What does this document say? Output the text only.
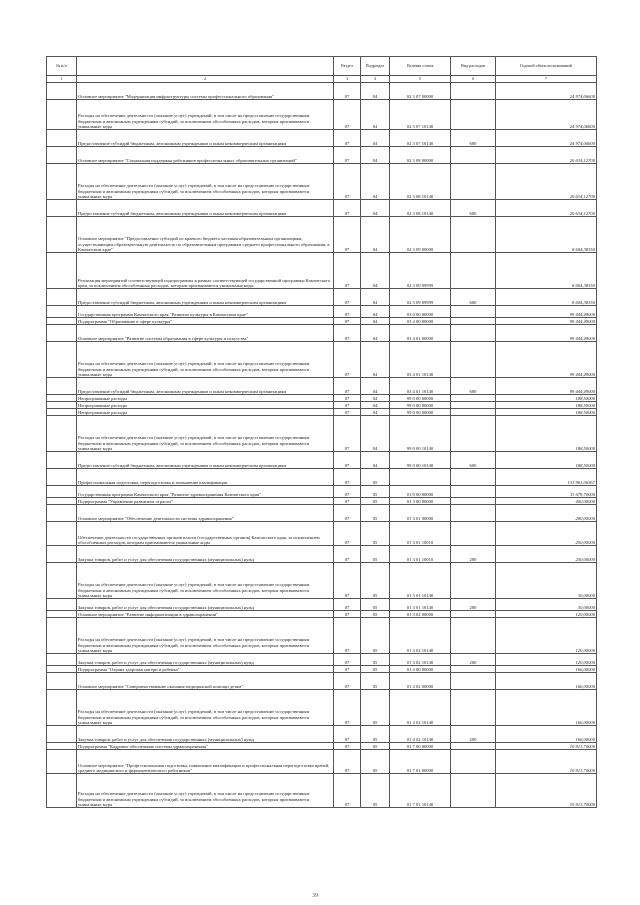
№ п/п		Раздел	Подраздел	Целевая статья	Вид расходов	Годовой объем ассигнований
1	2	3	4	5	6	7
	Основное мероприятие "Модернизация инфраструктуры системы профессионального образования"	07	04	02 3 07 00000		24 974,06600
	Расходы на обеспечение деятельности (оказание услуг) учреждений, в том числе на предоставление государственным бюджетным и автономным учреждениям субсидий, за исключением обособленных расходов, которым присваиваются уникальные коды	07	04	02 3 07 10140		24 974,06600
	Предоставление субсидий бюджетным, автономным учреждениям и иным некоммерческим организациям	07	04	02 3 07 10140	600	24 974,06600
	Основное мероприятие "Социальная поддержка работников профессиональных образовательных организаций"	07	04	02 3 08 00000		20 634,12700
	Расходы на обеспечение деятельности (оказание услуг) учреждений, в том числе на предоставление государственным бюджетным и автономным учреждениям субсидий, за исключением обособленных расходов, которым присваиваются уникальные коды	07	04	02 3 08 10140		20 634,12700
	Предоставление субсидий бюджетным, автономным учреждениям и иным некоммерческим организациям	07	04	02 3 08 10140	600	20 634,12700
	Основное мероприятие "Предоставление субсидий из краевого бюджета частным образовательным организациям, осуществляющим образовательную деятельность по образовательным программам среднего профессионального образования, в Камчатском крае"	07	04	02 3 09 00000		8 604,38350
	Реализация мероприятий соответствующей подпрограммы в рамках соответствующей государственной программы Камчатского края, за исключением обособленных расходов, которым присваиваются уникальные коды	07	04	02 3 09 09999		8 604,38350
	Предоставление субсидий бюджетным, автономным учреждениям и иным некоммерческим организациям	07	04	02 3 09 09999	600	8 604,38350
	Государственная программа Камчатского края "Развитие культуры в Камчатском крае"	07	04	03 0 00 00000		99 444,49000
	Подпрограмма "Образование в сфере культуры"	07	04	03 4 00 00000		99 444,49000
	Основное мероприятие "Развитие системы образования в сфере культуры и искусства"	07	04	03 4 01 00000		99 444,49000
	Расходы на обеспечение деятельности (оказание услуг) учреждений, в том числе на предоставление государственным бюджетным и автономным учреждениям субсидий, за исключением обособленных расходов, которым присваиваются уникальные коды	07	04	03 4 01 10140		99 444,49000
	Предоставление субсидий бюджетным, автономным учреждениям и иным некоммерческим организациям	07	04	03 4 01 10140	600	99 444,49000
	Непрограммные расходы	07	04	99 0 00 00000		188,50000
	Непрограммные расходы	07	04	99 0 00 00000		188,50000
	Непрограммные расходы	07	04	99 0 00 00000		188,50000
	Расходы на обеспечение деятельности (оказание услуг) учреждений, в том числе на предоставление государственным бюджетным и автономным учреждениям субсидий, за исключением обособленных расходов, которым присваиваются уникальные коды	07	04	99 0 00 10140		188,50000
	Предоставление субсидий бюджетным, автономным учреждениям и иным некоммерческим организациям	07	04	99 0 00 10140	600	188,50000
	Профессиональная подготовка, переподготовка и повышение квалификации	07	05			131 963,06367
	Государственная программа Камчатского края "Развитие здравоохранения Камчатского края"	07	05	01 0 00 00000		11 679,70000
	Подпрограмма "Управление развитием отрасли"	07	05	01 3 00 00000		400,00000
	Основное мероприятие "Обеспечение деятельности системы здравоохранения"	07	05	01 3 01 00000		280,00000
	Обеспечение деятельности государственных органов власти (государственных органов) Камчатского края, за исключением обособленных расходов, которым присваиваются уникальные коды	07	05	01 3 01 10010		250,00000
	Закупка товаров, работ и услуг для обеспечения государственных (муниципальных) нужд	07	05	01 3 01 10010	200	250,00000
	Расходы на обеспечение деятельности (оказание услуг) учреждений, в том числе на предоставление государственным бюджетным и автономным учреждениям субсидий, за исключением обособленных расходов, которым присваиваются уникальные коды	07	05	01 3 01 10140		30,00000
	Закупка товаров, работ и услуг для обеспечения государственных (муниципальных) нужд	07	05	01 3 01 10140	200	30,00000
	Основное мероприятие "Развитие информатизации в здравоохранении"	07	05	01 3 02 00000		120,00000
	Расходы на обеспечение деятельности (оказание услуг) учреждений, в том числе на предоставление государственным бюджетным и автономным учреждениям субсидий, за исключением обособленных расходов, которым присваиваются уникальные коды	07	05	01 3 02 10140		120,00000
	Закупка товаров, работ и услуг для обеспечения государственных (муниципальных) нужд	07	05	01 3 02 10140	200	120,00000
	Подпрограмма "Охрана здоровья матери и ребенка"	07	05	01 4 00 00000		166,00000
	Основное мероприятие "Совершенствование оказания медицинской помощи детям"	07	05	01 4 02 00000		166,00000
	Расходы на обеспечение деятельности (оказание услуг) учреждений, в том числе на предоставление государственным бюджетным и автономным учреждениям субсидий, за исключением обособленных расходов, которым присваиваются уникальные коды	07	05	01 4 02 10140		166,00000
	Закупка товаров, работ и услуг для обеспечения государственных (муниципальных) нужд	07	05	01 4 02 10140	200	166,00000
	Подпрограмма "Кадровое обеспечение системы здравоохранения"	07	05	01 7 00 00000		10 913,70000
	Основное мероприятие "Профессиональная подготовка, повышение квалификации и профессиональная переподготовка врачей, среднего медицинского и фармацевтического работников"	07	05	01 7 01 00000		10 913,70000
	Расходы на обеспечение деятельности (оказание услуг) учреждений, в том числе на предоставление государственным бюджетным и автономным учреждениям субсидий, за исключением обособленных расходов, которым присваиваются уникальные коды	07	05	01 7 01 10140		10 913,70000
39
